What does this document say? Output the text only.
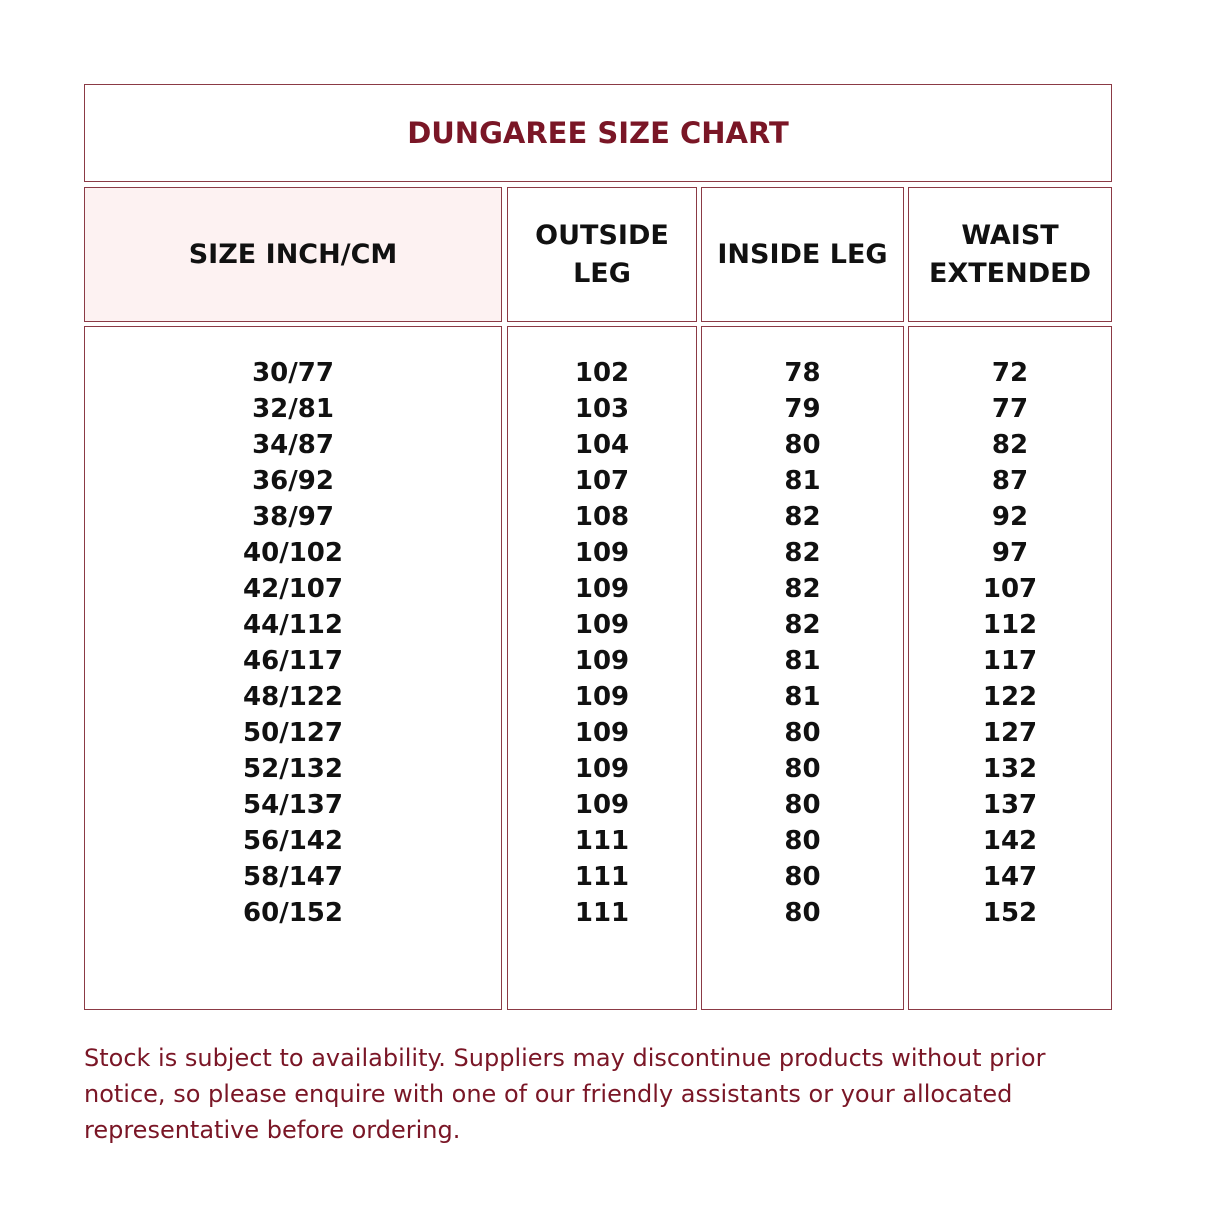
DUNGAREE SIZE CHART
SIZE INCH/CM
OUTSIDE
LEG
INSIDE LEG
WAIST
EXTENDED
30/77
32/81
34/87
36/92
38/97
40/102
42/107
44/112
46/117
48/122
50/127
52/132
54/137
56/142
58/147
60/152
102
103
104
107
108
109
109
109
109
109
109
109
109
111
111
111
78
79
80
81
82
82
82
82
81
81
80
80
80
80
80
80
72
77
82
87
92
97
107
112
117
122
127
132
137
142
147
152
Stock is subject to availability. Suppliers may discontinue products without prior notice, so please enquire with one of our friendly assistants or your allocated representative before ordering.
